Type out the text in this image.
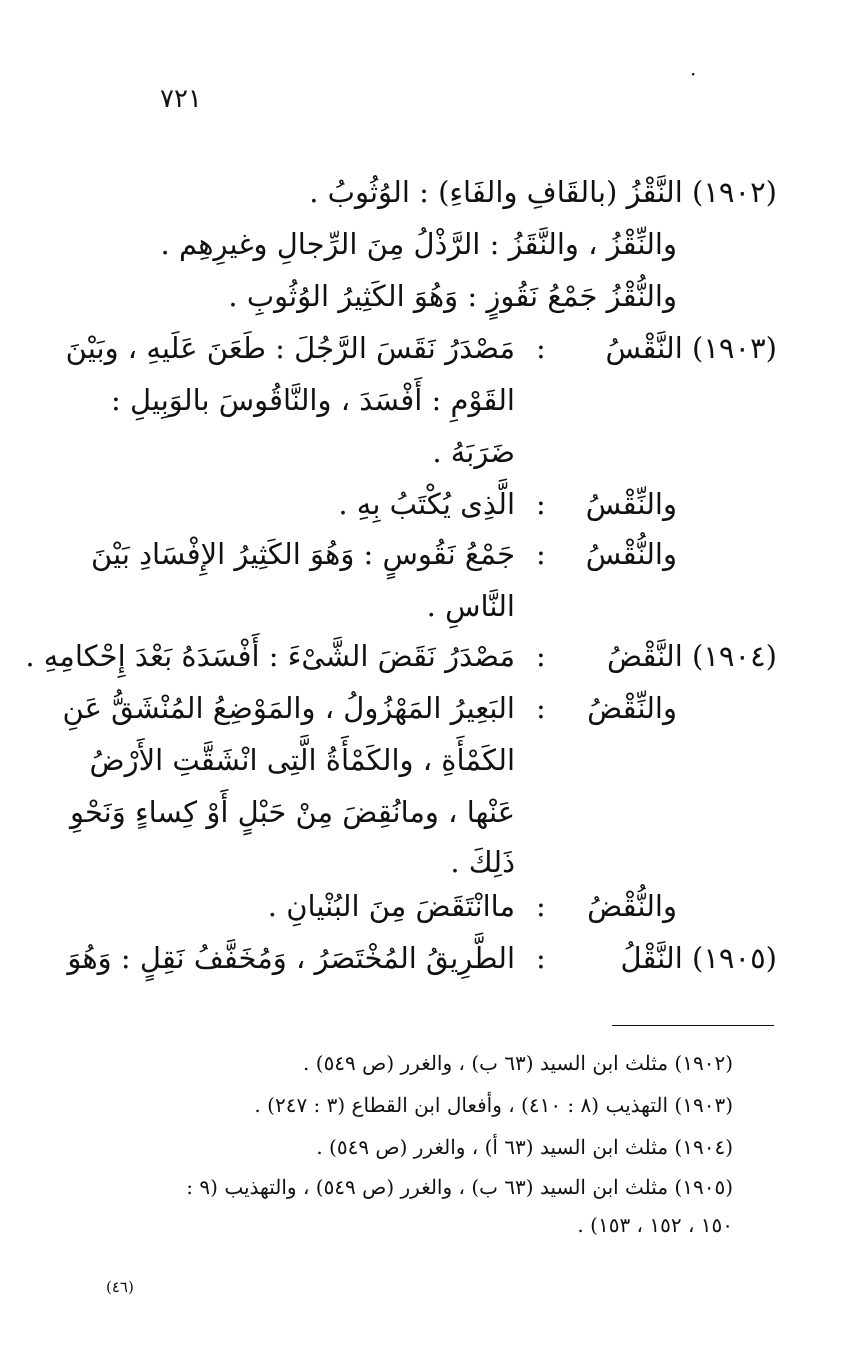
·
٧٢١
(١٩٠٢) النَّقْزُ (بالقَافِ والفَاءِ) : الوُثُوبُ .
والنِّقْزُ ، والنَّقَزُ : الرَّذْلُ مِنَ الرِّجالِ وغيرِهِم .
والنُّقْزُ جَمْعُ نَقُوزٍ : وَهُوَ الكَثِيرُ الوُثُوبِ .
(١٩٠٣) النَّقْسُ
:
مَصْدَرُ نَقَسَ الرَّجُلَ : طَعَنَ عَلَيهِ ، وبَيْنَ
القَوْمِ : أَفْسَدَ ، والنَّاقُوسَ بالوَبِيلِ :
ضَرَبَهُ .
والنِّقْسُ
:
الَّذِى يُكْتَبُ بِهِ .
والنُّقْسُ
:
جَمْعُ نَقُوسٍ : وَهُوَ الكَثِيرُ الإِفْسَادِ بَيْنَ
النَّاسِ .
(١٩٠٤) النَّقْضُ
:
مَصْدَرُ نَقَضَ الشَّىْءَ : أَفْسَدَهُ بَعْدَ إِحْكامِهِ .
والنِّقْضُ
:
البَعِيرُ المَهْزُولُ ، والمَوْضِعُ المُنْشَقُّ عَنِ
الكَمْأَةِ ، والكَمْأَةُ الَّتِى انْشَقَّتِ الأَرْضُ
عَنْها ، ومانُقِضَ مِنْ حَبْلٍ أَوْ كِساءٍ وَنَحْوِ
ذَلِكَ .
والنُّقْضُ
:
ماانْتَقَضَ مِنَ البُنْيانِ .
(١٩٠٥) النَّقْلُ
:
الطَّرِيقُ المُخْتَصَرُ ، وَمُخَفَّفُ نَقِلٍ : وَهُوَ
(١٩٠٢) مثلث ابن السيد (٦٣ ب) ، والغرر (ص ٥٤٩) .
(١٩٠٣) التهذيب (٨ : ٤١٠) ، وأفعال ابن القطاع (٣ : ٢٤٧) .
(١٩٠٤) مثلث ابن السيد (٦٣ أ) ، والغرر (ص ٥٤٩) .
(١٩٠٥) مثلث ابن السيد (٦٣ ب) ، والغرر (ص ٥٤٩) ، والتهذيب (٩ :
١٥٠ ، ١٥٢ ، ١٥٣) .
(٤٦)
